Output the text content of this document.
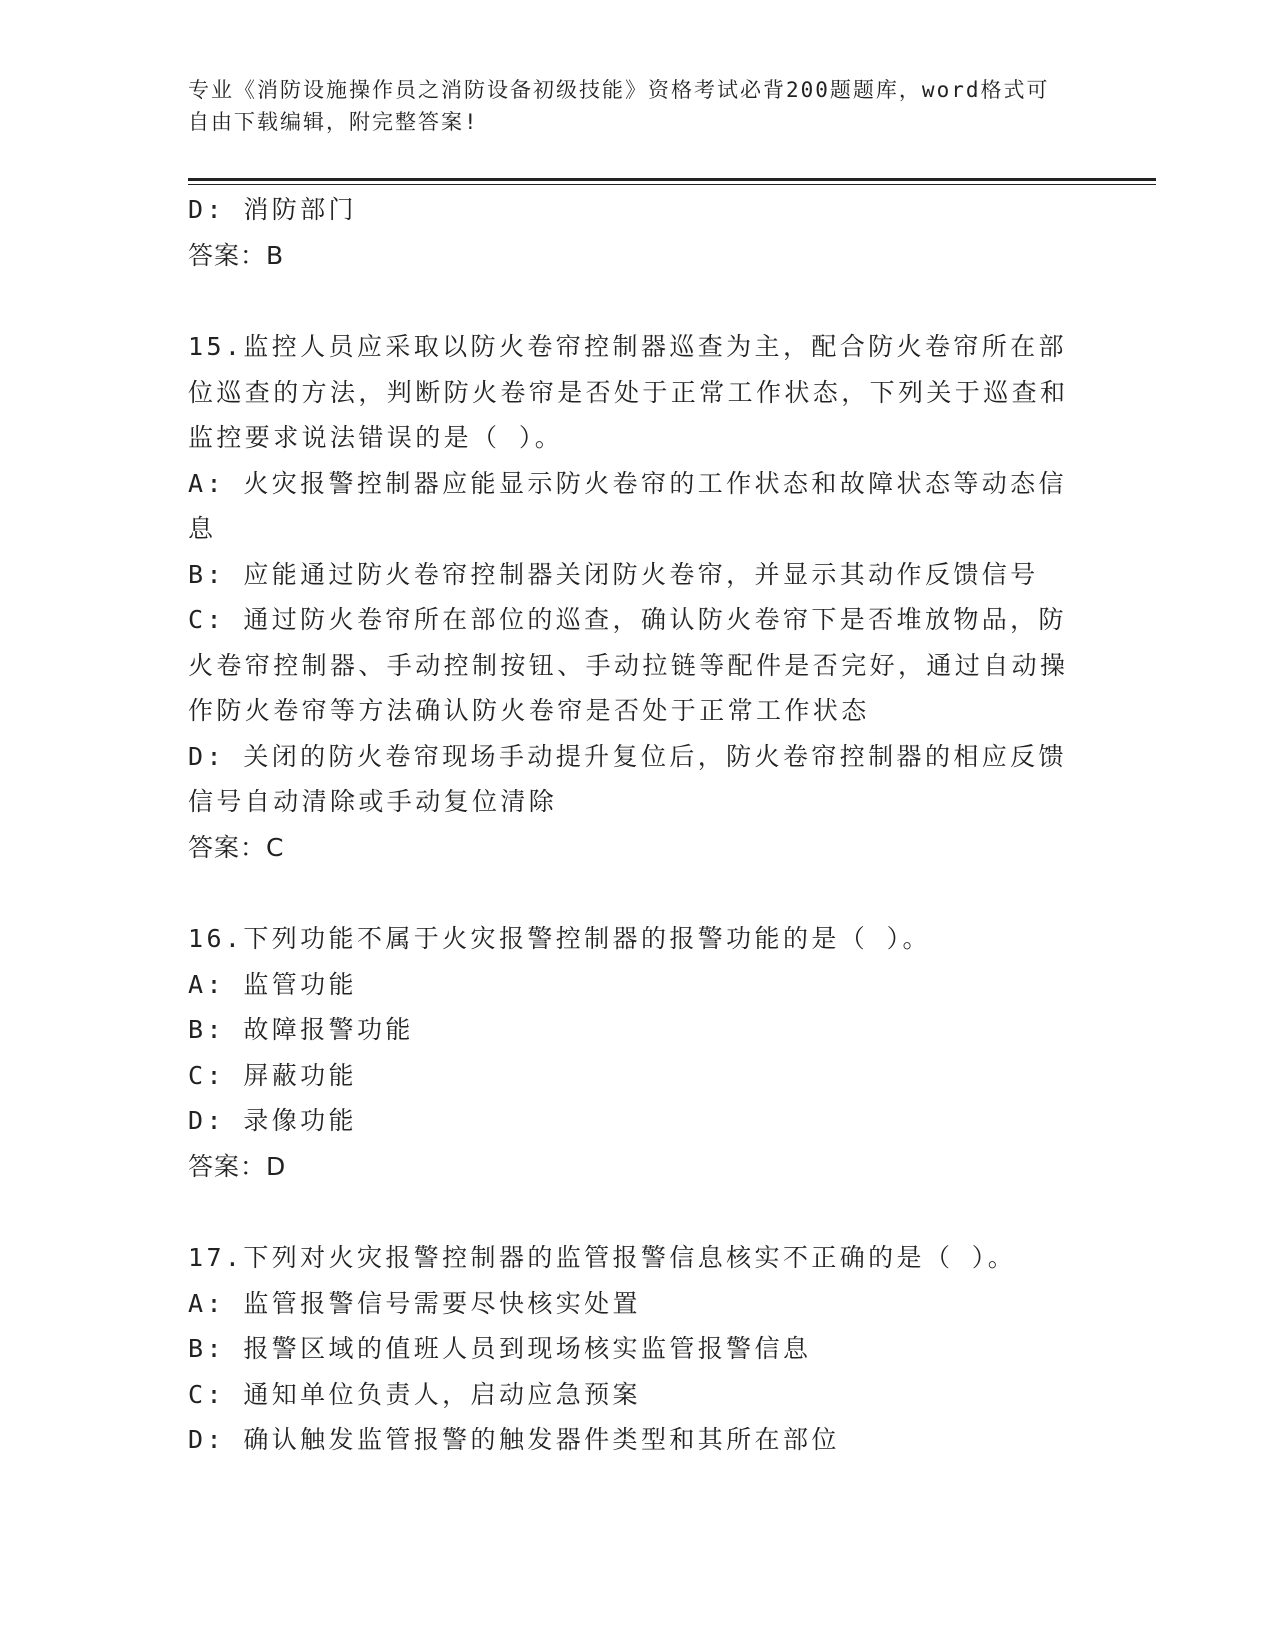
专业《消防设施操作员之消防设备初级技能》资格考试必背200题题库，word格式可自由下载编辑，附完整答案!
D: 消防部门
答案：B
15.监控人员应采取以防火卷帘控制器巡查为主，配合防火卷帘所在部位巡查的方法，判断防火卷帘是否处于正常工作状态，下列关于巡查和监控要求说法错误的是（ ）。
A: 火灾报警控制器应能显示防火卷帘的工作状态和故障状态等动态信息
B: 应能通过防火卷帘控制器关闭防火卷帘，并显示其动作反馈信号
C: 通过防火卷帘所在部位的巡查，确认防火卷帘下是否堆放物品，防火卷帘控制器、手动控制按钮、手动拉链等配件是否完好，通过自动操作防火卷帘等方法确认防火卷帘是否处于正常工作状态
D: 关闭的防火卷帘现场手动提升复位后，防火卷帘控制器的相应反馈信号自动清除或手动复位清除
答案：C
16.下列功能不属于火灾报警控制器的报警功能的是（ ）。
A: 监管功能
B: 故障报警功能
C: 屏蔽功能
D: 录像功能
答案：D
17.下列对火灾报警控制器的监管报警信息核实不正确的是（ ）。
A: 监管报警信号需要尽快核实处置
B: 报警区域的值班人员到现场核实监管报警信息
C: 通知单位负责人，启动应急预案
D: 确认触发监管报警的触发器件类型和其所在部位
